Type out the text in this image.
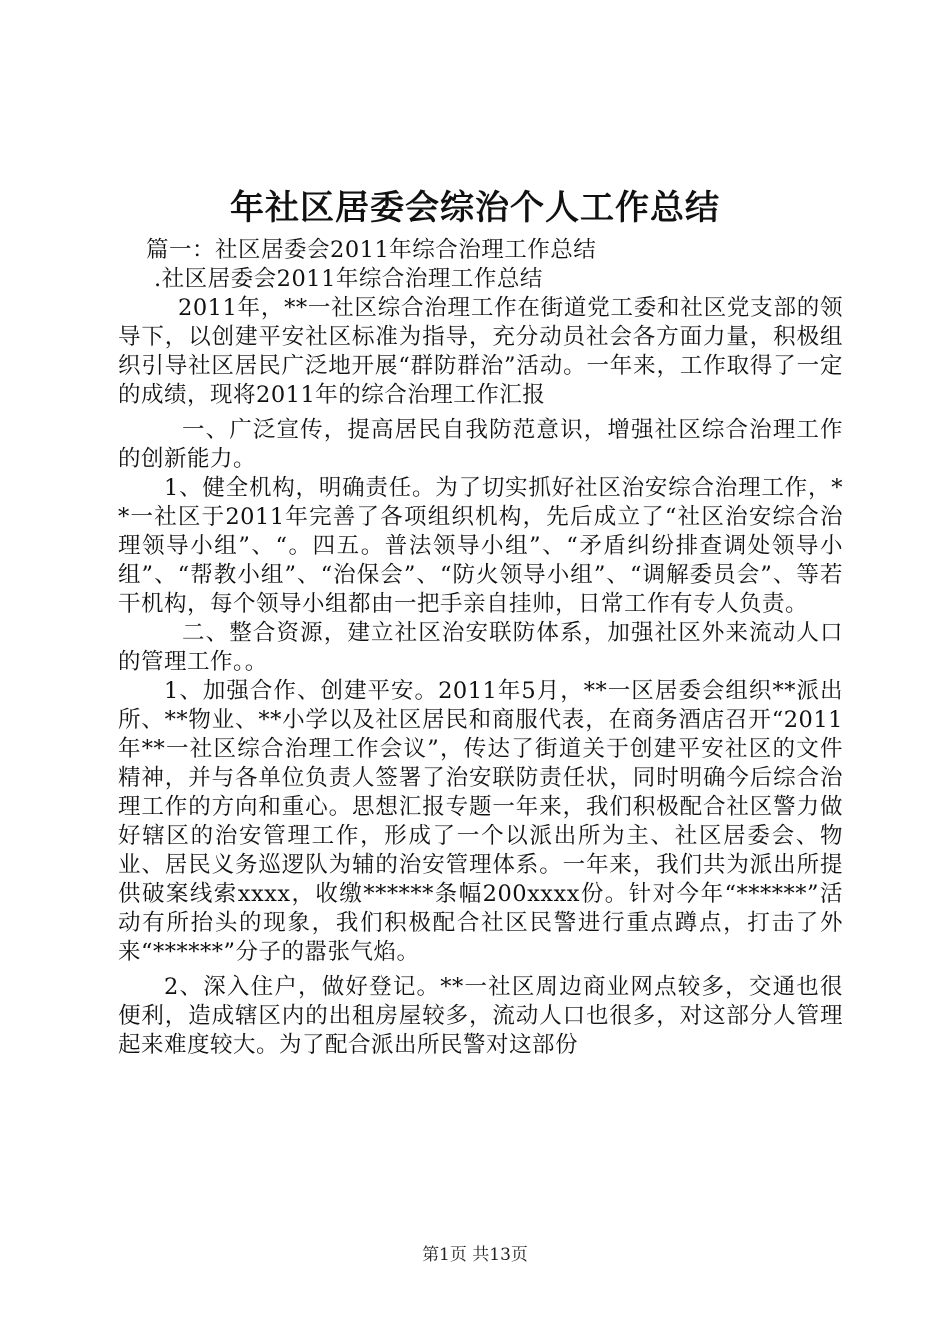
年社区居委会综治个人工作总结

篇一：社区居委会2011年综合治理工作总结

.社区居委会2011年综合治理工作总结

2011年，**一社区综合治理工作在街道党工委和社区党支部的领导下，以创建平安社区标准为指导，充分动员社会各方面力量，积极组织引导社区居民广泛地开展“群防群治”活动。一年来，工作取得了一定的成绩，现将2011年的综合治理工作汇报

一、广泛宣传，提高居民自我防范意识，增强社区综合治理工作的创新能力。

1、健全机构，明确责任。为了切实抓好社区治安综合治理工作，**一社区于2011年完善了各项组织机构，先后成立了“社区治安综合治理领导小组”、“。四五。普法领导小组”、“矛盾纠纷排查调处领导小组”、“帮教小组”、“治保会”、“防火领导小组”、“调解委员会”、等若干机构，每个领导小组都由一把手亲自挂帅，日常工作有专人负责。

二、整合资源，建立社区治安联防体系，加强社区外来流动人口的管理工作。。

1、加强合作、创建平安。2011年5月，**一区居委会组织**派出所、**物业、**小学以及社区居民和商服代表，在商务酒店召开“2011年**一社区综合治理工作会议”，传达了街道关于创建平安社区的文件精神，并与各单位负责人签署了治安联防责任状，同时明确今后综合治理工作的方向和重心。思想汇报专题一年来，我们积极配合社区警力做好辖区的治安管理工作，形成了一个以派出所为主、社区居委会、物业、居民义务巡逻队为辅的治安管理体系。一年来，我们共为派出所提供破案线索xxxx，收缴******条幅200xxxx份。针对今年“******”活动有所抬头的现象，我们积极配合社区民警进行重点蹲点，打击了外来“******”分子的嚣张气焰。

2、深入住户，做好登记。**一社区周边商业网点较多，交通也很便利，造成辖区内的出租房屋较多，流动人口也很多，对这部分人管理起来难度较大。为了配合派出所民警对这部份

第1页 共13页
